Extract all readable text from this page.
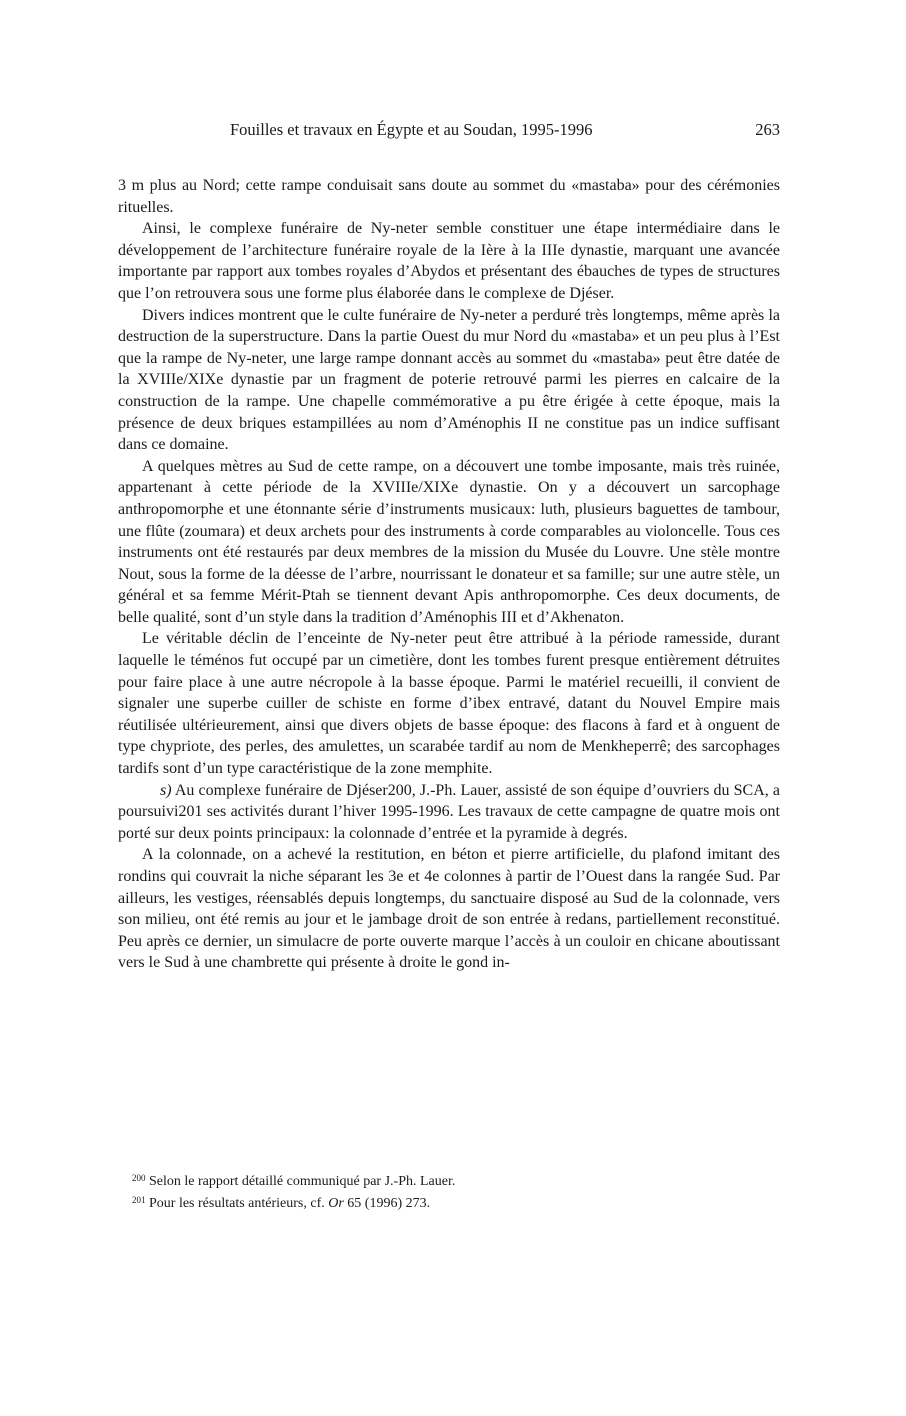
Fouilles et travaux en Égypte et au Soudan, 1995-1996	263

3 m plus au Nord; cette rampe conduisait sans doute au sommet du «mastaba» pour des cérémonies rituelles.

Ainsi, le complexe funéraire de Ny-neter semble constituer une étape intermédiaire dans le développement de l’architecture funéraire royale de la Ière à la IIIe dynastie, marquant une avancée importante par rapport aux tombes royales d’Abydos et présentant des ébauches de types de structures que l’on retrouvera sous une forme plus élaborée dans le complexe de Djéser.

Divers indices montrent que le culte funéraire de Ny-neter a perduré très longtemps, même après la destruction de la superstructure. Dans la partie Ouest du mur Nord du «mastaba» et un peu plus à l’Est que la rampe de Ny-neter, une large rampe donnant accès au sommet du «mastaba» peut être datée de la XVIIIe/XIXe dynastie par un fragment de poterie retrouvé parmi les pierres en calcaire de la construction de la rampe. Une chapelle commémorative a pu être érigée à cette époque, mais la présence de deux briques estampillées au nom d’Aménophis II ne constitue pas un indice suffisant dans ce domaine.

A quelques mètres au Sud de cette rampe, on a découvert une tombe imposante, mais très ruinée, appartenant à cette période de la XVIIIe/XIXe dynastie. On y a découvert un sarcophage anthropomorphe et une étonnante série d’instruments musicaux: luth, plusieurs baguettes de tambour, une flûte (zoumara) et deux archets pour des instruments à corde comparables au violoncelle. Tous ces instruments ont été restaurés par deux membres de la mission du Musée du Louvre. Une stèle montre Nout, sous la forme de la déesse de l’arbre, nourrissant le donateur et sa famille; sur une autre stèle, un général et sa femme Mérit-Ptah se tiennent devant Apis anthropomorphe. Ces deux documents, de belle qualité, sont d’un style dans la tradition d’Aménophis III et d’Akhenaton.

Le véritable déclin de l’enceinte de Ny-neter peut être attribué à la période ramesside, durant laquelle le téménos fut occupé par un cimetière, dont les tombes furent presque entièrement détruites pour faire place à une autre nécropole à la basse époque. Parmi le matériel recueilli, il convient de signaler une superbe cuiller de schiste en forme d’ibex entravé, datant du Nouvel Empire mais réutilisée ultérieurement, ainsi que divers objets de basse époque: des flacons à fard et à onguent de type chypriote, des perles, des amulettes, un scarabée tardif au nom de Menkheperrê; des sarcophages tardifs sont d’un type caractéristique de la zone memphite.

s) Au complexe funéraire de Djéser200, J.-Ph. Lauer, assisté de son équipe d’ouvriers du SCA, a poursuivi201 ses activités durant l’hiver 1995-1996. Les travaux de cette campagne de quatre mois ont porté sur deux points principaux: la colonnade d’entrée et la pyramide à degrés.

A la colonnade, on a achevé la restitution, en béton et pierre artificielle, du plafond imitant des rondins qui couvrait la niche séparant les 3e et 4e colonnes à partir de l’Ouest dans la rangée Sud. Par ailleurs, les vestiges, réensablés depuis longtemps, du sanctuaire disposé au Sud de la colonnade, vers son milieu, ont été remis au jour et le jambage droit de son entrée à redans, partiellement reconstitué. Peu après ce dernier, un simulacre de porte ouverte marque l’accès à un couloir en chicane aboutissant vers le Sud à une chambrette qui présente à droite le gond in-

$^{200}$ Selon le rapport détaillé communiqué par J.-Ph. Lauer.

$^{201}$ Pour les résultats antérieurs, cf. Or 65 (1996) 273.
